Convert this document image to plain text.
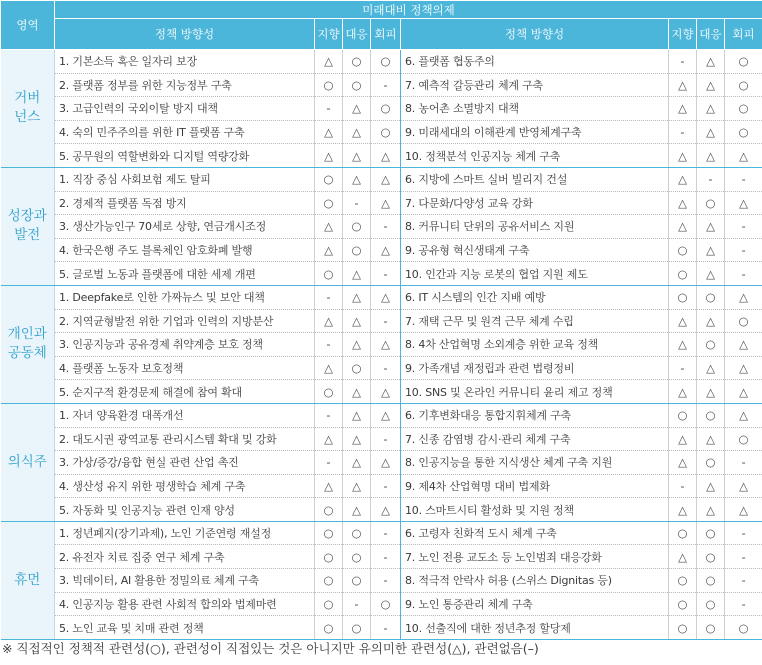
영역	미래대비 정책의제							
	정책 방향성	지향	대응	회피	정책 방향성	지향	대응	회피

거버
넌스	1. 기본소득 혹은 일자리 보장	△	○	○	6. 플랫폼 협동주의	-	△	○
	2. 플랫폼 정부를 위한 지능정부 구축	○	○	-	7. 예측적 갈등관리 체계 구축	△	△	○
	3. 고급인력의 국외이탈 방지 대책	-	△	○	8. 농어촌 소멸방지 대책	△	△	○
	4. 숙의 민주주의를 위한 IT 플랫폼 구축	△	△	○	9. 미래세대의 이해관계 반영체계구축	-	△	○
	5. 공무원의 역할변화와 디지털 역량강화	△	△	△	10. 정책분석 인공지능 체계 구축	△	△	△

성장과
발전	1. 직장 중심 사회보험 제도 탈피	○	△	△	6. 지방에 스마트 실버 빌리지 건설	△	-	-
	2. 경제적 플랫폼 독점 방지	○	-	△	7. 다문화/다양성 교육 강화	△	○	△
	3. 생산가능인구 70세로 상향, 연금개시조정	△	○	-	8. 커뮤니티 단위의 공유서비스 지원	△	△	-
	4. 한국은행 주도 블록체인 암호화폐 발행	△	○	△	9. 공유형 혁신생태계 구축	○	△	-
	5. 글로벌 노동과 플랫폼에 대한 세제 개편	○	△	-	10. 인간과 지능 로봇의 협업 지원 제도	○	△	-

개인과
공동체	1. Deepfake로 인한 가짜뉴스 및 보안 대책	-	△	△	6. IT 시스템의 인간 지배 예방	○	○	△
	2. 지역균형발전 위한 기업과 인력의 지방분산	△	△	-	7. 재택 근무 및 원격 근무 체계 수립	△	△	○
	3. 인공지능과 공유경제 취약계층 보호 정책	-	△	△	8. 4차 산업혁명 소외계층 위한 교육 정책	△	○	△
	4. 플랫폼 노동자 보호정책	△	○	-	9. 가족개념 재정립과 관련 법령정비	-	△	△
	5. 순지구적 환경문제 해결에 참여 확대	○	△	△	10. SNS 및 온라인 커뮤니티 윤리 제고 정책	△	△	△

의식주	1. 자녀 양육환경 대폭개선	-	△	△	6. 기후변화대응 통합지휘체계 구축	○	○	△
	2. 대도시권 광역교통 관리시스템 확대 및 강화	△	△	-	7. 신종 감염병 감시·관리 체계 구축	△	△	○
	3. 가상/증강/융합 현실 관련 산업 촉진	-	△	△	8. 인공지능을 통한 지식생산 체계 구축 지원	△	○	-
	4. 생산성 유지 위한 평생학습 체계 구축	△	△	-	9. 제4차 산업혁명 대비 법제화	-	△	△
	5. 자동화 및 인공지능 관련 인재 양성	○	△	△	10. 스마트시티 활성화 및 지원 정책	△	△	△

휴먼	1. 정년폐지(장기과제), 노인 기준연령 재설정	○	○	-	6. 고령자 친화적 도시 체계 구축	○	○	-
	2. 유전자 치료 집중 연구 체계 구축	○	○	-	7. 노인 전용 교도소 등 노인범죄 대응강화	△	○	-
	3. 빅데이터, AI 활용한 정밀의료 체계 구축	○	○	-	8. 적극적 안락사 허용 (스위스 Dignitas 등)	○	○	-
	4. 인공지능 활용 관련 사회적 합의와 법제마련	○	-	○	9. 노인 통증관리 체계 구축	○	○	-
	5. 노인 교육 및 치매 관련 정책	○	○	-	10. 선출직에 대한 정년추정 할당제	○	○	○
※ 직접적인 정책적 관련성(○), 관련성이 직접있는 것은 아니지만 유의미한 관련성(△), 관련없음(–)
